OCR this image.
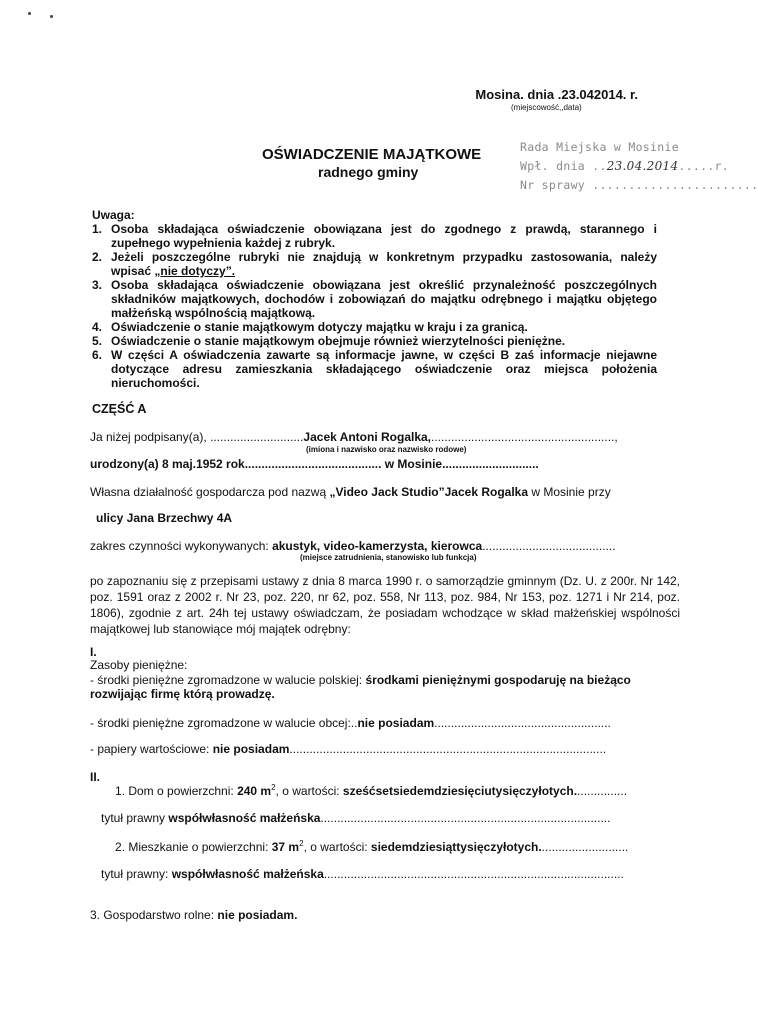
Mosina. dnia .23.042014. r.
(miejscowość,,data)
Rada Miejska w Mosinie
Wpł. dnia ..23.04.2014.....r.
Nr sprawy .......................
OŚWIADCZENIE MAJĄTKOWE
radnego gminy
Uwaga:
1. Osoba składająca oświadczenie obowiązana jest do zgodnego z prawdą, starannego i zupełnego wypełnienia każdej z rubryk.
2. Jeżeli poszczególne rubryki nie znajdują w konkretnym przypadku zastosowania, należy wpisać „nie dotyczy”.
3. Osoba składająca oświadczenie obowiązana jest określić przynależność poszczególnych składników majątkowych, dochodów i zobowiązań do majątku odrębnego i majątku objętego małżeńską wspólnością majątkową.
4. Oświadczenie o stanie majątkowym dotyczy majątku w kraju i za granicą.
5. Oświadczenie o stanie majątkowym obejmuje również wierzytelności pieniężne.
6. W części A oświadczenia zawarte są informacje jawne, w części B zaś informacje niejawne dotyczące adresu zamieszkania składającego oświadczenie oraz miejsca położenia nieruchomości.
CZĘŚĆ A
Ja niżej podpisany(a), ............................Jacek Antoni Rogalka,.......................................................,
(imiona i nazwisko oraz nazwisko rodowe)
urodzony(a) 8 maj.1952 rok......................................... w Mosinie.............................
Własna działalność gospodarcza pod nazwą „Video Jack Studio”Jacek Rogalka w Mosinie przy
ulicy Jana Brzechwy 4A
zakres czynności wykonywanych: akustyk, video-kamerzysta, kierowca........................................
(miejsce zatrudnienia, stanowisko lub funkcja)
po zapoznaniu się z przepisami ustawy z dnia 8 marca 1990 r. o samorządzie gminnym (Dz. U. z 200r. Nr 142, poz. 1591 oraz z 2002 r. Nr 23, poz. 220, nr 62, poz. 558, Nr 113, poz. 984, Nr 153, poz. 1271 i Nr 214, poz. 1806), zgodnie z art. 24h tej ustawy oświadczam, że posiadam wchodzące w skład małżeńskiej wspólności majątkowej lub stanowiące mój majątek odrębny:
I.
Zasoby pieniężne:
- środki pieniężne zgromadzone w walucie polskiej: środkami pieniężnymi gospodaruję na bieżąco
rozwijając firmę którą prowadzę.
- środki pieniężne zgromadzone w walucie obcej:..nie posiadam.....................................................
- papiery wartościowe: nie posiadam...............................................................................................
II.
1. Dom o powierzchni: 240 $m^2$, o wartości: sześćsetsiedemdziesięciutysięczyłotych................
tytuł prawny współwłasność małżeńska.......................................................................................
2. Mieszkanie o powierzchni: 37 $m^2$, o wartości: siedemdziesiąttysięczyłotych...........................
tytuł prawny: współwłasność małżeńska..........................................................................................
3. Gospodarstwo rolne: nie posiadam.
